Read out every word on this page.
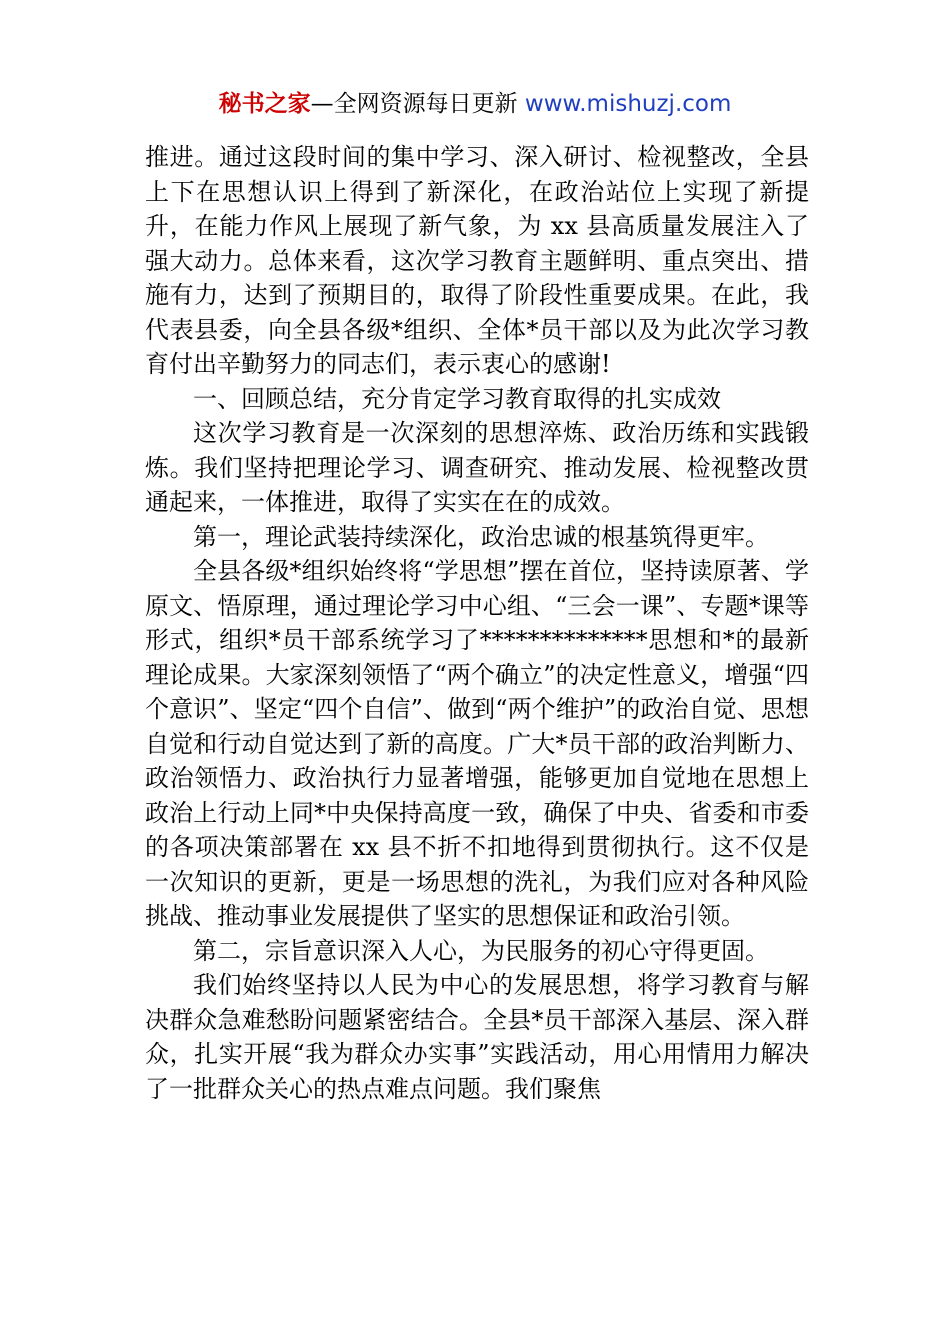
秘书之家—全网资源每日更新 www.mishuzj.com

推进。通过这段时间的集中学习、深入研讨、检视整改，全县上下在思想认识上得到了新深化，在政治站位上实现了新提升，在能力作风上展现了新气象，为 xx 县高质量发展注入了强大动力。总体来看，这次学习教育主题鲜明、重点突出、措施有力，达到了预期目的，取得了阶段性重要成果。在此，我代表县委，向全县各级*组织、全体*员干部以及为此次学习教育付出辛勤努力的同志们，表示衷心的感谢!

一、回顾总结，充分肯定学习教育取得的扎实成效

这次学习教育是一次深刻的思想淬炼、政治历练和实践锻炼。我们坚持把理论学习、调查研究、推动发展、检视整改贯通起来，一体推进，取得了实实在在的成效。

第一，理论武装持续深化，政治忠诚的根基筑得更牢。

全县各级*组织始终将“学思想”摆在首位，坚持读原著、学原文、悟原理，通过理论学习中心组、“三会一课”、专题*课等形式，组织*员干部系统学习了**************思想和*的最新理论成果。大家深刻领悟了“两个确立”的决定性意义，增强“四个意识”、坚定“四个自信”、做到“两个维护”的政治自觉、思想自觉和行动自觉达到了新的高度。广大*员干部的政治判断力、政治领悟力、政治执行力显著增强，能够更加自觉地在思想上政治上行动上同*中央保持高度一致，确保了中央、省委和市委的各项决策部署在 xx 县不折不扣地得到贯彻执行。这不仅是一次知识的更新，更是一场思想的洗礼，为我们应对各种风险挑战、推动事业发展提供了坚实的思想保证和政治引领。

第二，宗旨意识深入人心，为民服务的初心守得更固。

我们始终坚持以人民为中心的发展思想，将学习教育与解决群众急难愁盼问题紧密结合。全县*员干部深入基层、深入群众，扎实开展“我为群众办实事”实践活动，用心用情用力解决了一批群众关心的热点难点问题。我们聚焦
